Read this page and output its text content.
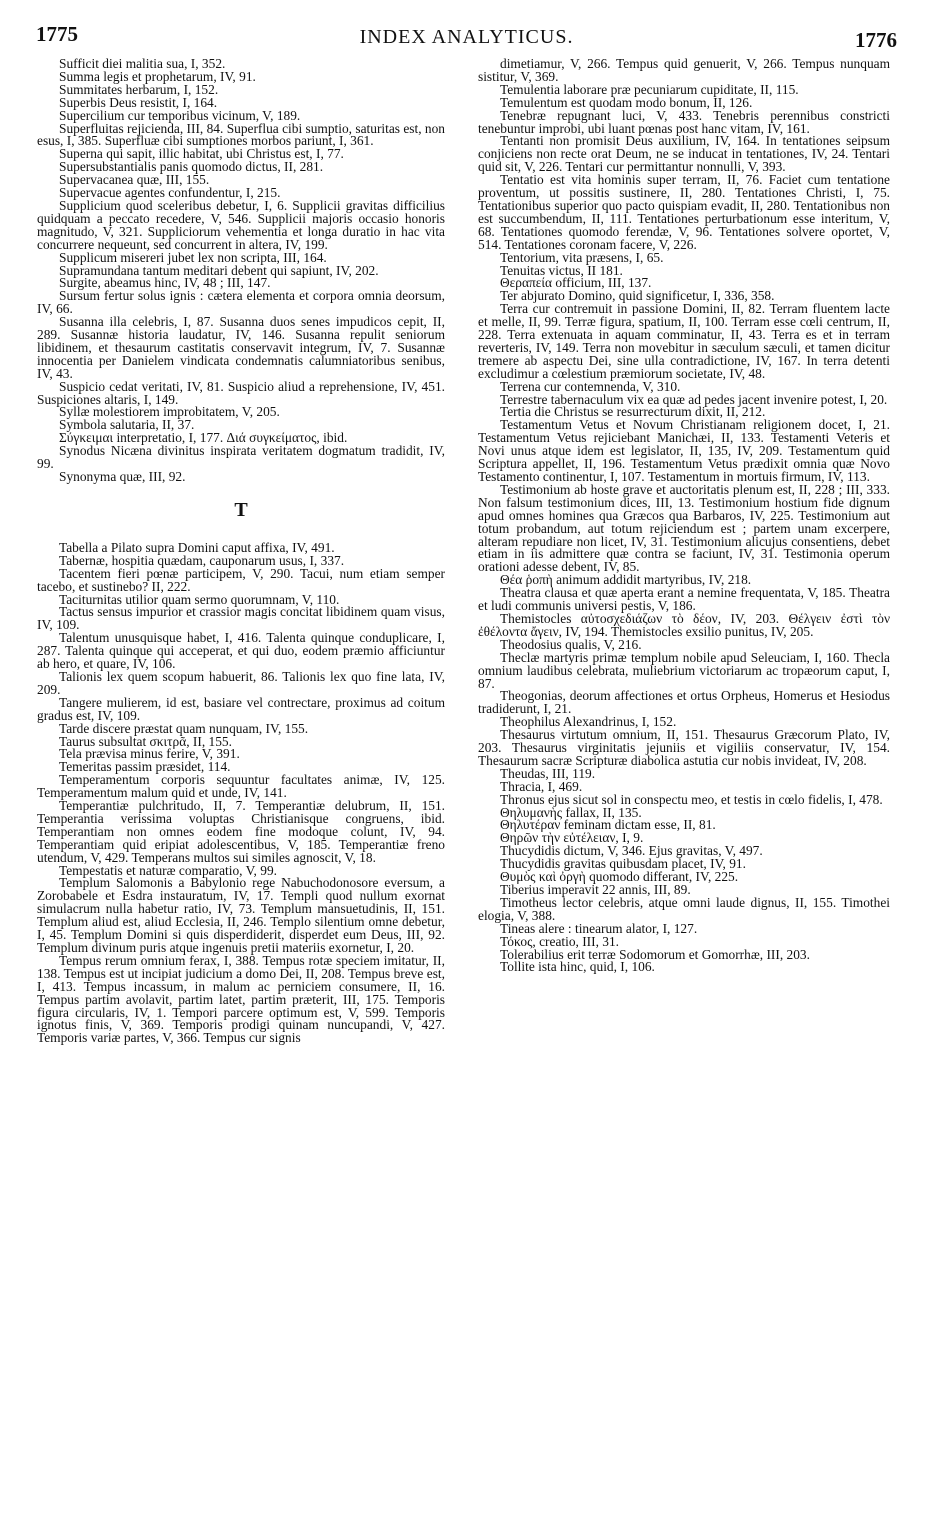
1775	INDEX ANALYTICUS.	1776

Sufficit diei malitia sua, I, 352.

Summa legis et prophetarum, IV, 91.

Summitates herbarum, I, 152.

Superbis Deus resistit, I, 164.

Supercilium cur temporibus vicinum, V, 189.

Superfluitas rejicienda, III, 84. Superflua cibi sumptio, saturitas est, non esus, I, 385. Superfluæ cibi sumptiones morbos pariunt, I, 361.

Superna qui sapit, illic habitat, ubi Christus est, I, 77.

Supersubstantialis panis quomodo dictus, II, 281.

Supervacanea quæ, III, 155.

Supervacue agentes confundentur, I, 215.

Supplicium quod sceleribus debetur, I, 6. Supplicii gravitas difficilius quidquam a peccato recedere, V, 546. Supplicii majoris occasio honoris magnitudo, V, 321. Suppliciorum vehementia et longa duratio in hac vita concurrere nequeunt, sed concurrent in altera, IV, 199.

Supplicum misereri jubet lex non scripta, III, 164.

Supramundana tantum meditari debent qui sapiunt, IV, 202.

Surgite, abeamus hinc, IV, 48 ; III, 147.

Sursum fertur solus ignis : cætera elementa et corpora omnia deorsum, IV, 66.

Susanna illa celebris, I, 87. Susanna duos senes impudicos cepit, II, 289. Susannæ historia laudatur, IV, 146. Susanna repulit seniorum libidinem, et thesaurum castitatis conservavit integrum, IV, 7. Susannæ innocentia per Danielem vindicata condemnatis calumniatoribus senibus, IV, 43.

Suspicio cedat veritati, IV, 81. Suspicio aliud a reprehensione, IV, 451. Suspiciones altaris, I, 149.

Syllæ molestiorem improbitatem, V, 205.

Symbola salutaria, II, 37.

Σύγκειμαι interpretatio, I, 177. Διά συγκείματος, ibid.

Synodus Nicæna divinitus inspirata veritatem dogmatum tradidit, IV, 99.

Synonyma quæ, III, 92.

T

Tabella a Pilato supra Domini caput affixa, IV, 491.

Tabernæ, hospitia quædam, cauponarum usus, I, 337.

Tacentem fieri pœnæ participem, V, 290. Tacui, num etiam semper tacebo, et sustinebo? II, 222.

Taciturnitas utilior quam sermo quorumnam, V, 110.

Tactus sensus impurior et crassior magis concitat libidinem quam visus, IV, 109.

Talentum unusquisque habet, I, 416. Talenta quinque conduplicare, I, 287. Talenta quinque qui acceperat, et qui duo, eodem præmio afficiuntur ab hero, et quare, IV, 106.

Talionis lex quem scopum habuerit, 86. Talionis lex quo fine lata, IV, 209.

Tangere mulierem, id est, basiare vel contrectare, proximus ad coitum gradus est, IV, 109.

Tarde discere præstat quam nunquam, IV, 155.

Taurus subsultat σκιτρᾶ, II, 155.

Tela prævisa minus ferire, V, 391.

Temeritas passim præsidet, 114.

Temperamentum corporis sequuntur facultates animæ, IV, 125. Temperamentum malum quid et unde, IV, 141.

Temperantiæ pulchritudo, II, 7. Temperantiæ delubrum, II, 151. Temperantia verissima voluptas Christianisque congruens, ibid. Temperantiam non omnes eodem fine modoque colunt, IV, 94. Temperantiam quid eripiat adolescentibus, V, 185. Temperantiæ freno utendum, V, 429. Temperans multos sui similes agnoscit, V, 18.

Tempestatis et naturæ comparatio, V, 99.

Templum Salomonis a Babylonio rege Nabuchodonosore eversum, a Zorobabele et Esdra instauratum, IV, 17. Templi quod nullum exornat simulacrum nulla habetur ratio, IV, 73. Templum mansuetudinis, II, 151. Templum aliud est, aliud Ecclesia, II, 246. Templo silentium omne debetur, I, 45. Templum Domini si quis disperdiderit, disperdet eum Deus, III, 92. Templum divinum puris atque ingenuis pretii materiis exornetur, I, 20.

Tempus rerum omnium ferax, I, 388. Tempus rotæ speciem imitatur, II, 138. Tempus est ut incipiat judicium a domo Dei, II, 208. Tempus breve est, I, 413. Tempus incassum, in malum ac perniciem consumere, II, 16. Tempus partim avolavit, partim latet, partim præterit, III, 175. Temporis figura circularis, IV, 1. Tempori parcere optimum est, V, 599. Temporis ignotus finis, V, 369. Temporis prodigi quinam nuncupandi, V, 427. Temporis variæ partes, V, 366. Tempus cur signis

dimetiamur, V, 266. Tempus quid genuerit, V, 266. Tempus nunquam sistitur, V, 369.

Temulentia laborare præ pecuniarum cupiditate, II, 115.

Temulentum est quodam modo bonum, II, 126.

Tenebræ repugnant luci, V, 433. Tenebris perennibus constricti tenebuntur improbi, ubi luant pœnas post hanc vitam, IV, 161.

Tentanti non promisit Deus auxilium, IV, 164. In tentationes seipsum conjiciens non recte orat Deum, ne se inducat in tentationes, IV, 24. Tentari quid sit, V, 226. Tentari cur permittantur nonnulli, V, 393.

Tentatio est vita hominis super terram, II, 76. Faciet cum tentatione proventum, ut possitis sustinere, II, 280. Tentationes Christi, I, 75. Tentationibus superior quo pacto quispiam evadit, II, 280. Tentationibus non est succumbendum, II, 111. Tentationes perturbationum esse interitum, V, 68. Tentationes quomodo ferendæ, V, 96. Tentationes solvere oportet, V, 514. Tentationes coronam facere, V, 226.

Tentorium, vita præsens, I, 65.

Tenuitas victus, II 181.

Θεραπεία officium, III, 137.

Ter abjurato Domino, quid significetur, I, 336, 358.

Terra cur contremuit in passione Domini, II, 82. Terram fluentem lacte et melle, II, 99. Terræ figura, spatium, II, 100. Terram esse cœli centrum, II, 228. Terra extenuata in aquam comminatur, II, 43. Terra es et in terram reverteris, IV, 149. Terra non movebitur in sæculum sæculi, et tamen dicitur tremere ab aspectu Dei, sine ulla contradictione, IV, 167. In terra detenti excludimur a cœlestium præmiorum societate, IV, 48.

Terrena cur contemnenda, V, 310.

Terrestre tabernaculum vix ea quæ ad pedes jacent invenire potest, I, 20.

Tertia die Christus se resurrecturum dixit, II, 212.

Testamentum Vetus et Novum Christianam religionem docet, I, 21. Testamentum Vetus rejiciebant Manichæi, II, 133. Testamenti Veteris et Novi unus atque idem est legislator, II, 135, IV, 209. Testamentum quid Scriptura appellet, II, 196. Testamentum Vetus prædixit omnia quæ Novo Testamento continentur, I, 107. Testamentum in mortuis firmum, IV, 113.

Testimonium ab hoste grave et auctoritatis plenum est, II, 228 ; III, 333. Non falsum testimonium dices, III, 13. Testimonium hostium fide dignum apud omnes homines qua Græcos qua Barbaros, IV, 225. Testimonium aut totum probandum, aut totum rejiciendum est ; partem unam excerpere, alteram repudiare non licet, IV, 31. Testimonium alicujus consentiens, debet etiam in iis admittere quæ contra se faciunt, IV, 31. Testimonia operum orationi adesse debent, IV, 85.

Θέα ῥοπὴ animum addidit martyribus, IV, 218.

Theatra clausa et quæ aperta erant a nemine frequentata, V, 185. Theatra et ludi communis universi pestis, V, 186.

Themistocles αὐτοσχεδιάζων τὸ δέον, IV, 203. Θέλγειν ἐστὶ τὸν ἐθέλοντα ἄγειν, IV, 194. Themistocles exsilio punitus, IV, 205.

Theodosius qualis, V, 216.

Theclæ martyris primæ templum nobile apud Seleuciam, I, 160. Thecla omnium laudibus celebrata, muliebrium victoriarum ac tropæorum caput, I, 87.

Theogonias, deorum affectiones et ortus Orpheus, Homerus et Hesiodus tradiderunt, I, 21.

Theophilus Alexandrinus, I, 152.

Thesaurus virtutum omnium, II, 151. Thesaurus Græcorum Plato, IV, 203. Thesaurus virginitatis jejuniis et vigiliis conservatur, IV, 154. Thesaurum sacræ Scripturæ diabolica astutia cur nobis invideat, IV, 208.

Theudas, III, 119.

Thracia, I, 469.

Thronus ejus sicut sol in conspectu meo, et testis in cœlo fidelis, I, 478.

Θηλυμανὴς fallax, II, 135.

Θηλυτέραν feminam dictam esse, II, 81.

Θηρῶν τὴν εὐτέλειαν, I, 9.

Thucydidis dictum, V, 346. Ejus gravitas, V, 497.

Thucydidis gravitas quibusdam placet, IV, 91.

Θυμὸς καὶ ὀργὴ quomodo differant, IV, 225.

Tiberius imperavit 22 annis, III, 89.

Timotheus lector celebris, atque omni laude dignus, II, 155. Timothei elogia, V, 388.

Tineas alere : tinearum alator, I, 127.

Τόκος, creatio, III, 31.

Tolerabilius erit terræ Sodomorum et Gomorrhæ, III, 203.

Tollite ista hinc, quid, I, 106.
